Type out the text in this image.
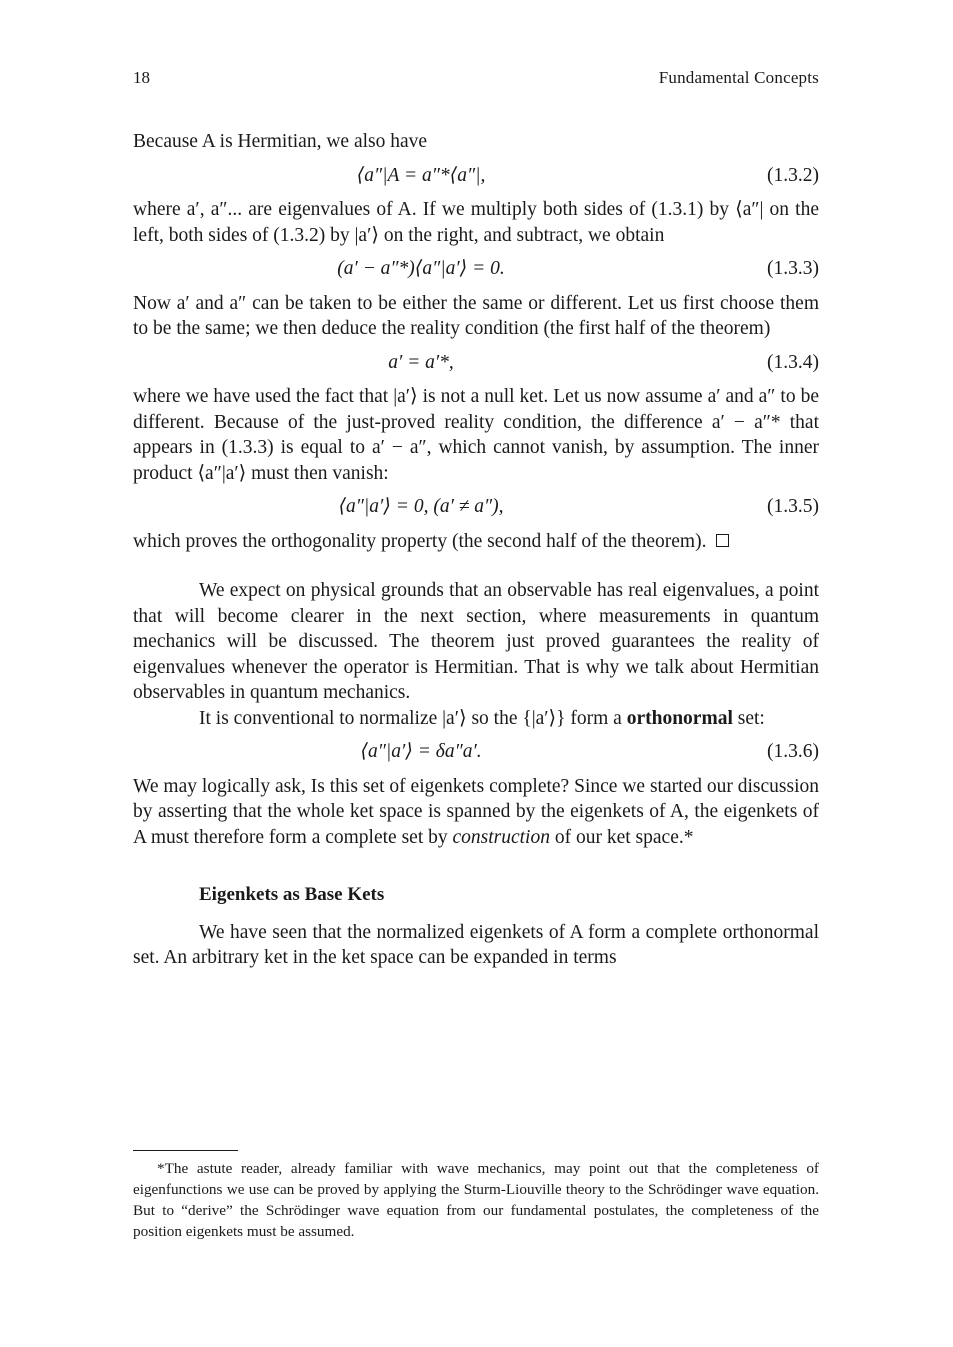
18	Fundamental Concepts

Because A is Hermitian, we also have

⟨a″|A = a″*⟨a″|,	(1.3.2)

where a′, a″... are eigenvalues of A. If we multiply both sides of (1.3.1) by ⟨a″| on the left, both sides of (1.3.2) by |a′⟩ on the right, and subtract, we obtain

(a′ − a″*)⟨a″|a′⟩ = 0.	(1.3.3)

Now a′ and a″ can be taken to be either the same or different. Let us first choose them to be the same; we then deduce the reality condition (the first half of the theorem)

a′ = a′*,	(1.3.4)

where we have used the fact that |a′⟩ is not a null ket. Let us now assume a′ and a″ to be different. Because of the just-proved reality condition, the difference a′ − a″* that appears in (1.3.3) is equal to a′ − a″, which cannot vanish, by assumption. The inner product ⟨a″|a′⟩ must then vanish:

⟨a″|a′⟩ = 0, (a′ ≠ a″),	(1.3.5)

which proves the orthogonality property (the second half of the theorem).

We expect on physical grounds that an observable has real eigenvalues, a point that will become clearer in the next section, where measurements in quantum mechanics will be discussed. The theorem just proved guarantees the reality of eigenvalues whenever the operator is Hermitian. That is why we talk about Hermitian observables in quantum mechanics.

It is conventional to normalize |a′⟩ so the {|a′⟩} form a orthonormal set:

⟨a″|a′⟩ = δa″a′.	(1.3.6)

We may logically ask, Is this set of eigenkets complete? Since we started our discussion by asserting that the whole ket space is spanned by the eigenkets of A, the eigenkets of A must therefore form a complete set by construction of our ket space.*

Eigenkets as Base Kets

We have seen that the normalized eigenkets of A form a complete orthonormal set. An arbitrary ket in the ket space can be expanded in terms

*The astute reader, already familiar with wave mechanics, may point out that the completeness of eigenfunctions we use can be proved by applying the Sturm-Liouville theory to the Schrödinger wave equation. But to “derive” the Schrödinger wave equation from our fundamental postulates, the completeness of the position eigenkets must be assumed.
